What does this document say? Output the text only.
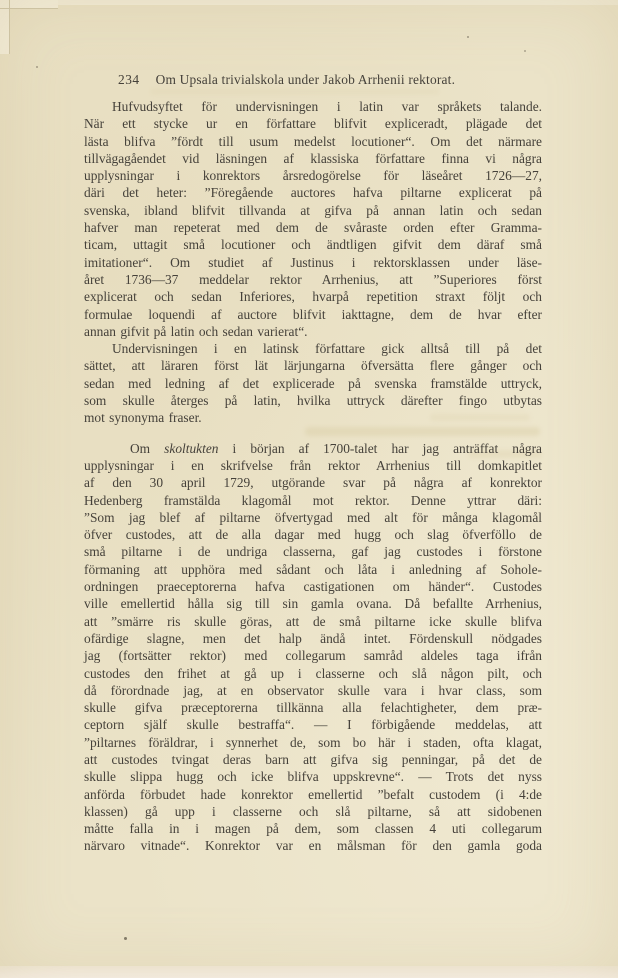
234 Om Upsala trivialskola under Jakob Arrhenii rektorat.
Hufvudsyftet för undervisningen i latin var språkets talande.
När ett stycke ur en författare blifvit expliceradt, plägade det
lästa blifva ”fördt till usum medelst locutioner“. Om det närmare
tillvägagåendet vid läsningen af klassiska författare finna vi några
upplysningar i konrektors årsredogörelse för läseåret 1726—27,
däri det heter: ”Föregående auctores hafva piltarne explicerat på
svenska, ibland blifvit tillvanda at gifva på annan latin och sedan
hafver man repeterat med dem de svåraste orden efter Gramma-
ticam, uttagit små locutioner och ändtligen gifvit dem däraf små
imitationer“. Om studiet af Justinus i rektorsklassen under läse-
året 1736—37 meddelar rektor Arrhenius, att ”Superiores först
explicerat och sedan Inferiores, hvarpå repetition straxt följt och
formulae loquendi af auctore blifvit iakttagne, dem de hvar efter
annan gifvit på latin och sedan varierat“.
Undervisningen i en latinsk författare gick alltså till på det
sättet, att läraren först lät lärjungarna öfversätta flere gånger och
sedan med ledning af det explicerade på svenska framstälde uttryck,
som skulle återges på latin, hvilka uttryck därefter fingo utbytas
mot synonyma fraser.
Om skoltukten i början af 1700-talet har jag anträffat några
upplysningar i en skrifvelse från rektor Arrhenius till domkapitlet
af den 30 april 1729, utgörande svar på några af konrektor
Hedenberg framstälda klagomål mot rektor. Denne yttrar däri:
”Som jag blef af piltarne öfvertygad med alt för många klagomål
öfver custodes, att de alla dagar med hugg och slag öfverföllo de
små piltarne i de undriga classerna, gaf jag custodes i förstone
förmaning att upphöra med sådant och låta i anledning af Sohole-
ordningen praeceptorerna hafva castigationen om händer“. Custodes
ville emellertid hålla sig till sin gamla ovana. Då befallte Arrhenius,
att ”smärre ris skulle göras, att de små piltarne icke skulle blifva
ofärdige slagne, men det halp ändå intet. Fördenskull nödgades
jag (fortsätter rektor) med collegarum samråd aldeles taga ifrån
custodes den frihet at gå up i classerne och slå någon pilt, och
då förordnade jag, at en observator skulle vara i hvar class, som
skulle gifva præceptorerna tillkänna alla felachtigheter, dem præ-
ceptorn själf skulle bestraffa“. — I förbigående meddelas, att
”piltarnes föräldrar, i synnerhet de, som bo här i staden, ofta klagat,
att custodes tvingat deras barn att gifva sig penningar, på det de
skulle slippa hugg och icke blifva uppskrevne“. — Trots det nyss
anförda förbudet hade konrektor emellertid ”befalt custodem (i 4:de
klassen) gå upp i classerne och slå piltarne, så att sidobenen
måtte falla in i magen på dem, som classen 4 uti collegarum
närvaro vitnade“. Konrektor var en målsman för den gamla goda
